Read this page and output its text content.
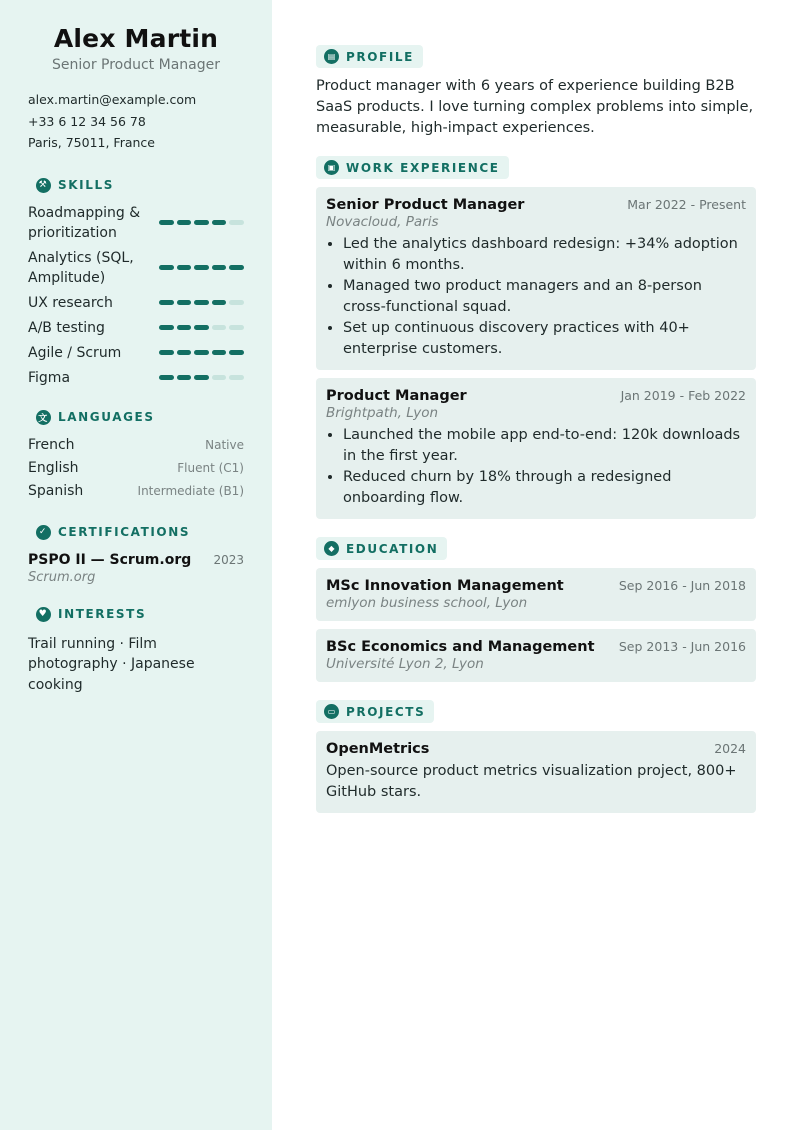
Alex Martin
Senior Product Manager
alex.martin@example.com
+33 6 12 34 56 78
Paris, 75011, France
⚒ SKILLS
Roadmapping & prioritization
Analytics (SQL, Amplitude)
UX research
A/B testing
Agile / Scrum
Figma
文 LANGUAGES
French	Native
English	Fluent (C1)
Spanish	Intermediate (B1)
✓ CERTIFICATIONS
PSPO II — Scrum.org 2023
Scrum.org
♥ INTERESTS
Trail running · Film photography · Japanese cooking
▤ PROFILE
Product manager with 6 years of experience building B2B SaaS products. I love turning complex problems into simple, measurable, high-impact experiences.
▣ WORK EXPERIENCE
Senior Product Manager	Mar 2022 - Present
Novacloud, Paris
• Led the analytics dashboard redesign: +34% adoption within 6 months.
• Managed two product managers and an 8-person cross-functional squad.
• Set up continuous discovery practices with 40+ enterprise customers.
Product Manager	Jan 2019 - Feb 2022
Brightpath, Lyon
• Launched the mobile app end-to-end: 120k downloads in the first year.
• Reduced churn by 18% through a redesigned onboarding flow.
◆ EDUCATION
MSc Innovation Management	Sep 2016 - Jun 2018
emlyon business school, Lyon
BSc Economics and Management Sep 2013 - Jun 2016
Université Lyon 2, Lyon
▭ PROJECTS
OpenMetrics	2024
Open-source product metrics visualization project, 800+ GitHub stars.
